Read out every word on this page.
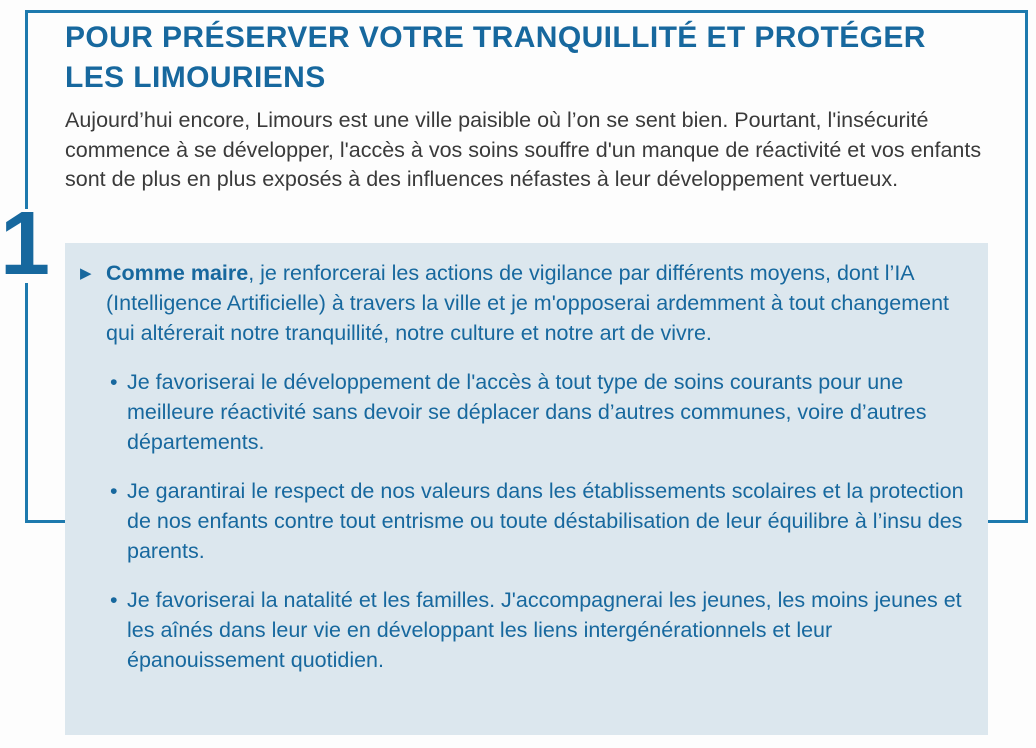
1
POUR PRÉSERVER VOTRE TRANQUILLITÉ ET PROTÉGER LES LIMOURIENS

Aujourd’hui encore, Limours est une ville paisible où l’on se sent bien. Pourtant, l'insécurité commence à se développer, l'accès à vos soins souffre d'un manque de réactivité et vos enfants sont de plus en plus exposés à des influences néfastes à leur développement vertueux.

▶ Comme maire, je renforcerai les actions de vigilance par différents moyens, dont l’IA (Intelligence Artificielle) à travers la ville et je m'opposerai ardemment à tout changement qui altérerait notre tranquillité, notre culture et notre art de vivre.
• Je favoriserai le développement de l'accès à tout type de soins courants pour une meilleure réactivité sans devoir se déplacer dans d’autres communes, voire d’autres départements.
• Je garantirai le respect de nos valeurs dans les établissements scolaires et la protection de nos enfants contre tout entrisme ou toute déstabilisation de leur équilibre à l’insu des parents.
• Je favoriserai la natalité et les familles. J'accompagnerai les jeunes, les moins jeunes et les aînés dans leur vie en développant les liens intergénérationnels et leur épanouissement quotidien.
